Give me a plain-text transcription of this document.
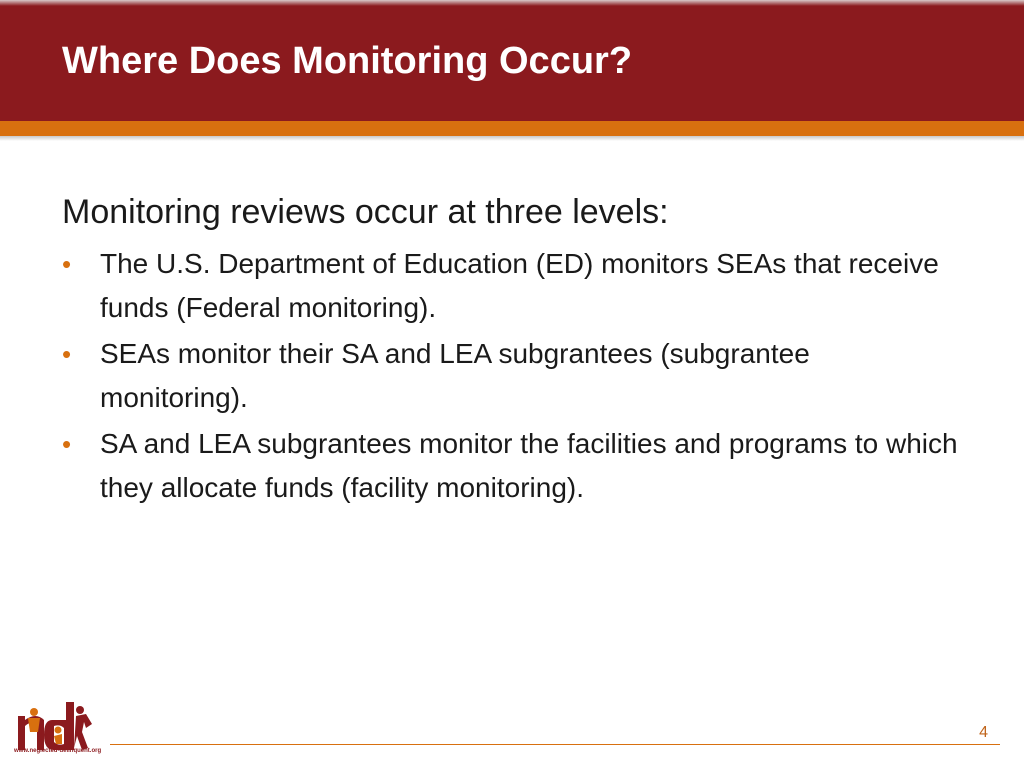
Where Does Monitoring Occur?

Monitoring reviews occur at three levels:

• The U.S. Department of Education (ED) monitors SEAs that receive funds (Federal monitoring).
• SEAs monitor their SA and LEA subgrantees (subgrantee monitoring).
• SA and LEA subgrantees monitor the facilities and programs to which they allocate funds (facility monitoring).
www.neglected-delinquent.org
4
